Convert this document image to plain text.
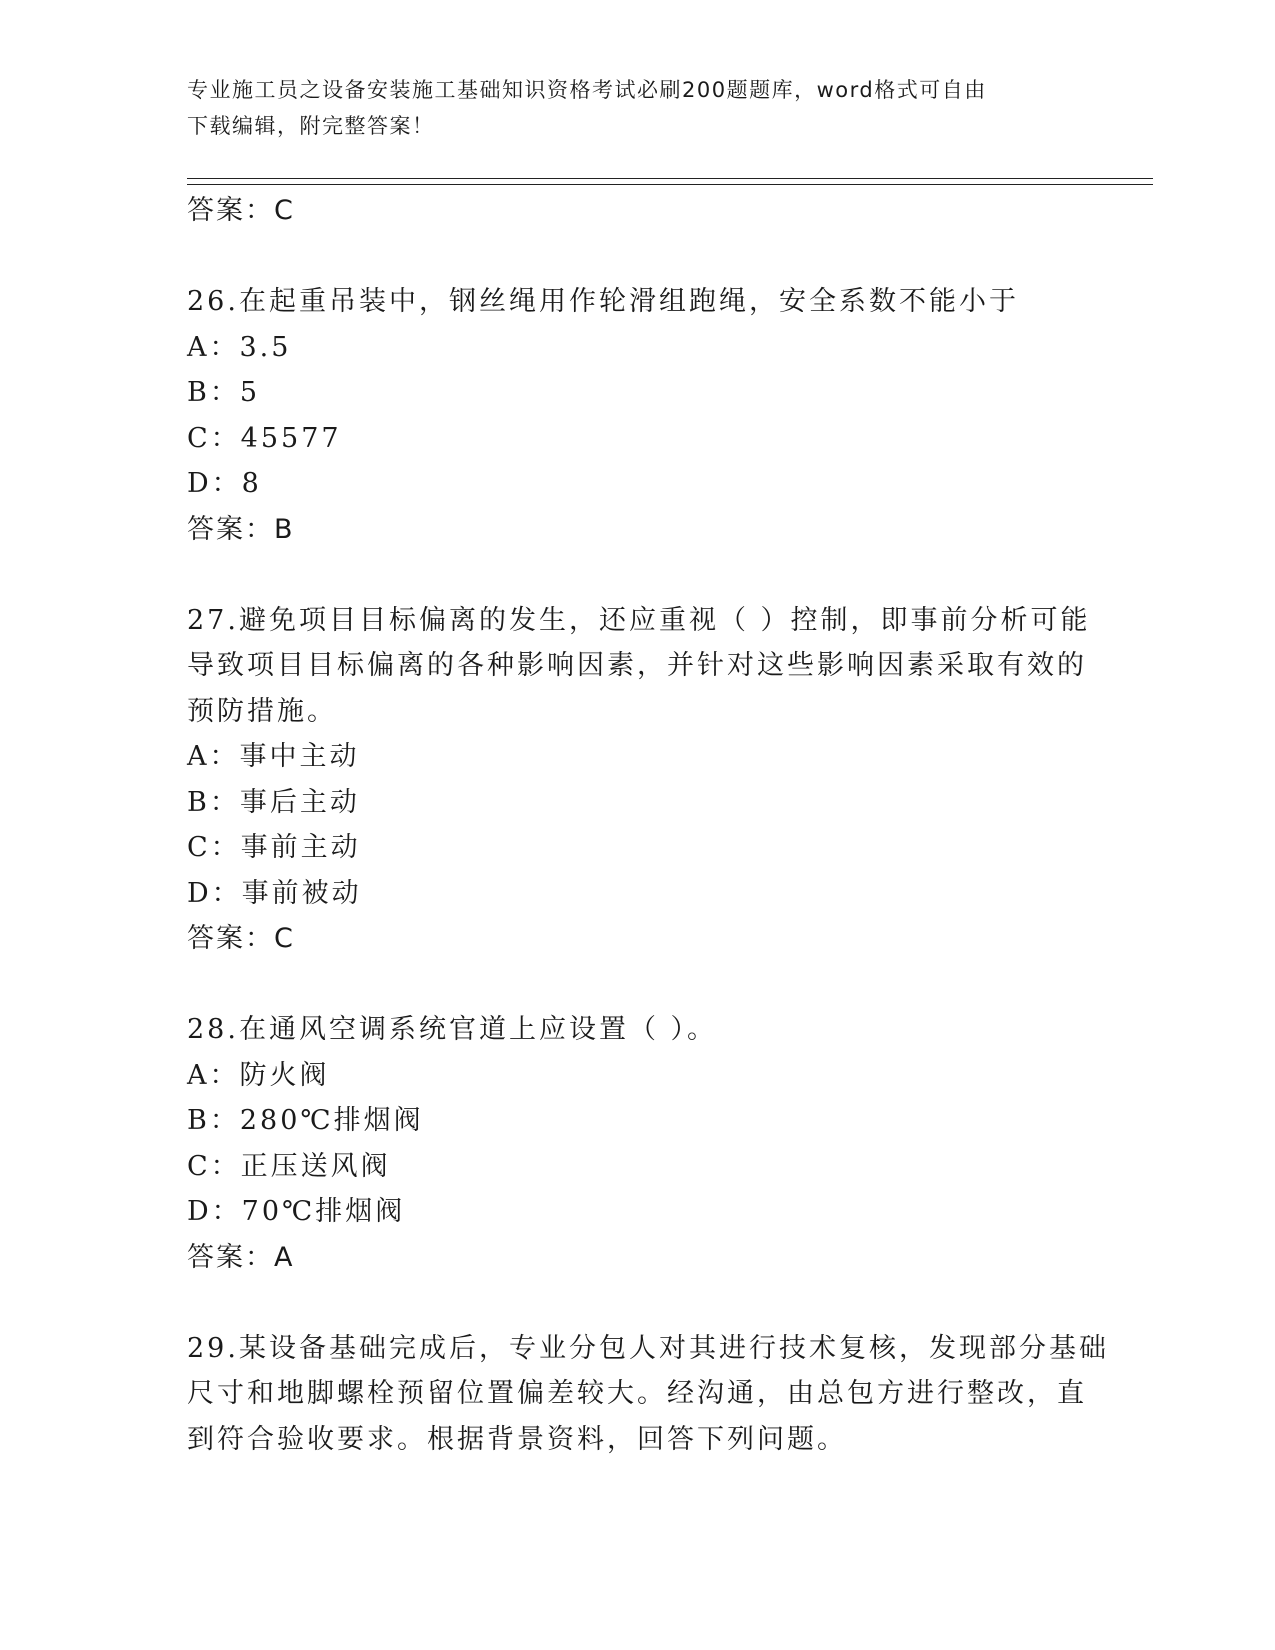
专业施工员之设备安装施工基础知识资格考试必刷200题题库，word格式可自由
下载编辑，附完整答案！
答案：C
26.在起重吊装中，钢丝绳用作轮滑组跑绳，安全系数不能小于
A：3.5
B：5
C：45577
D：8
答案：B
27.避免项目目标偏离的发生，还应重视（ ）控制，即事前分析可能
导致项目目标偏离的各种影响因素，并针对这些影响因素采取有效的
预防措施。
A：事中主动
B：事后主动
C：事前主动
D：事前被动
答案：C
28.在通风空调系统官道上应设置（ ）。
A：防火阀
B：280℃排烟阀
C：正压送风阀
D：70℃排烟阀
答案：A
29.某设备基础完成后，专业分包人对其进行技术复核，发现部分基础
尺寸和地脚螺栓预留位置偏差较大。经沟通，由总包方进行整改，直
到符合验收要求。根据背景资料，回答下列问题。
